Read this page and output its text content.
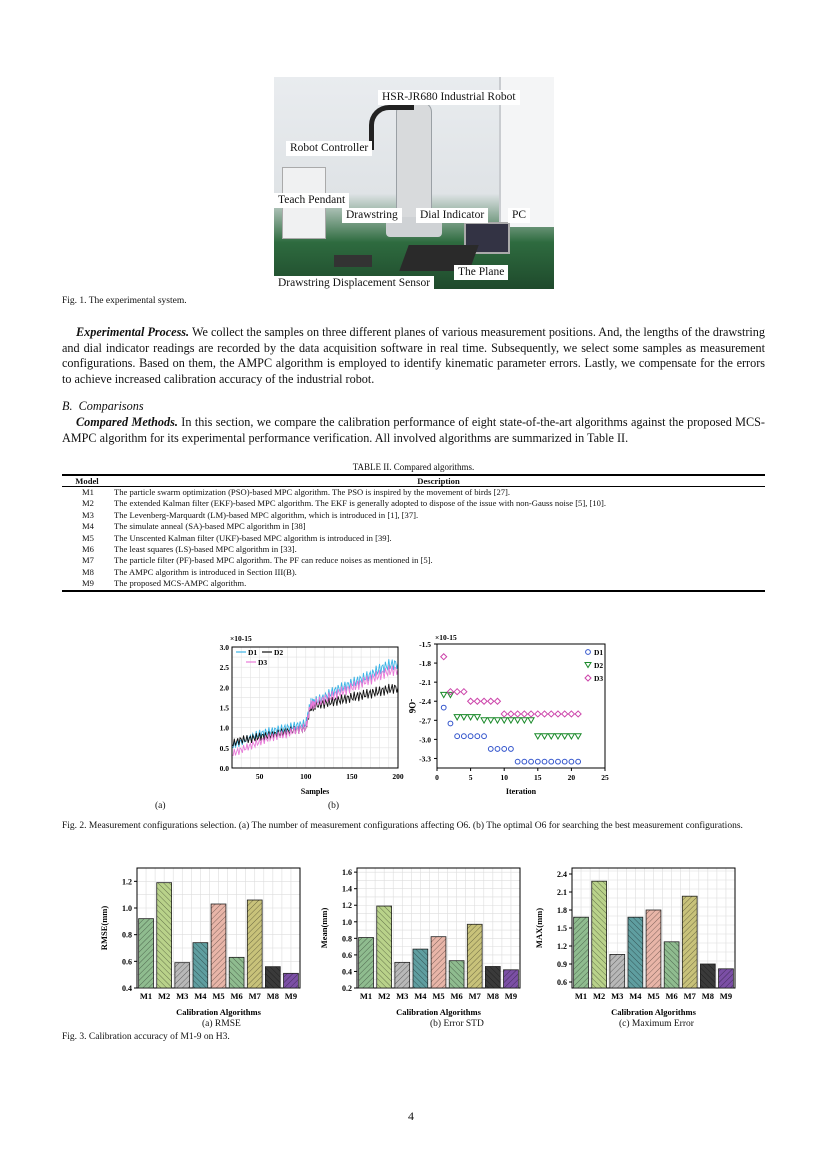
HSR-JR680 Industrial Robot
Robot Controller
Teach Pendant
Drawstring	Dial Indicator	PC
The Plane
Drawstring Displacement Sensor
Fig. 1. The experimental system.
Experimental Process. We collect the samples on three different planes of various measurement positions. And, the lengths of the drawstring and dial indicator readings are recorded by the data acquisition software in real time. Subsequently, we select some samples as measurement configurations. Based on them, the AMPC algorithm is employed to identify kinematic parameter errors. Lastly, we compensate for the errors to achieve increased calibration accuracy of the industrial robot.
B. Comparisons
Compared Methods. In this section, we compare the calibration performance of eight state-of-the-art algorithms against the proposed MCS-AMPC algorithm for its experimental performance verification. All involved algorithms are summarized in Table II.
TABLE II. Compared algorithms.
Model	Description
M1	The particle swarm optimization (PSO)-based MPC algorithm. The PSO is inspired by the movement of birds [27].
M2	The extended Kalman filter (EKF)-based MPC algorithm. The EKF is generally adopted to dispose of the issue with non-Gauss noise [5], [10].
M3	The Levenberg-Marquardt (LM)-based MPC algorithm, which is introduced in [1], [37].
M4	The simulate anneal (SA)-based MPC algorithm in [38]
M5	The Unscented Kalman filter (UKF)-based MPC algorithm is introduced in [39].
M6	The least squares (LS)-based MPC algorithm in [33].
M7	The particle filter (PF)-based MPC algorithm. The PF can reduce noises as mentioned in [5].
M8	The AMPC algorithm is introduced in Section III(B).
M9	The proposed MCS-AMPC algorithm.
0.0
0.5
1.0
1.5
2.0
2.5
3.0
50	100	150	200
Samples
×10-15
D1 D2
D3
-1.5
-1.8
-2.1
-2.4
-2.7
-3.0
-3.3
0	5	10	15	20	25
Iteration
-O6
×10-15
D1
D2
D3
(a)	(b)
Fig. 2. Measurement configurations selection. (a) The number of measurement configurations affecting O6. (b) The optimal O6 for searching the best measurement configurations.
0.4
0.6
0.8
1.0
1.2
M1 M2 M3 M4 M5 M6 M7 M8 M9
Calibration Algorithms
RMSE(mm)
0.2
0.4
0.6
0.8
1.0
1.2
1.4
1.6
M1 M2 M3 M4 M5 M6 M7 M8 M9
Calibration Algorithms
Mean(mm)
0.6
0.9
1.2
1.5
1.8
2.1
2.4
M1 M2 M3 M4 M5 M6 M7 M8 M9
Calibration Algorithms
MAX(mm)
(a) RMSE	(b) Error STD	(c) Maximum Error
Fig. 3. Calibration accuracy of M1-9 on H3.
4
